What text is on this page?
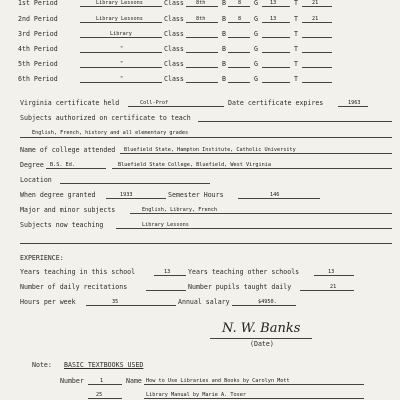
1st Period	Library Lessons	Class 8th	B 8 G 13	T	21
2nd Period	Library Lessons	Class 8th	B 8 G 13	T	21
3rd Period	Library	Class	B	G	T
4th Period	"	Class	B	G	T
5th Period	"	Class	B	G	T
6th Period	"	Class	B	G	T
Virginia certificate held	Coll-Prof	Date certificate expires	1963
Subjects authorized on certificate to teach
English, French, history and all elementary grades
Name of college attended Bluefield State, Hampton Institute, Catholic University
Degree B.S. Ed.	Bluefield State College, Bluefield, West Virginia
Location
When degree granted	1933	Semester Hours	146
Major and minor subjects	English, Library, French
Subjects now teaching	Library Lessons
EXPERIENCE:
Years teaching in this school	13	Years teaching other schools	13
Number of daily recitations	Number pupils taught daily	21
Hours per week	35	Annual salary	$4950.
N. W. Banks
(Date)
Note: BASIC TEXTBOOKS USED
Number	1	Name How to Use Libraries and Books by Carolyn Mott
25	Library Manual by Marie A. Toser
